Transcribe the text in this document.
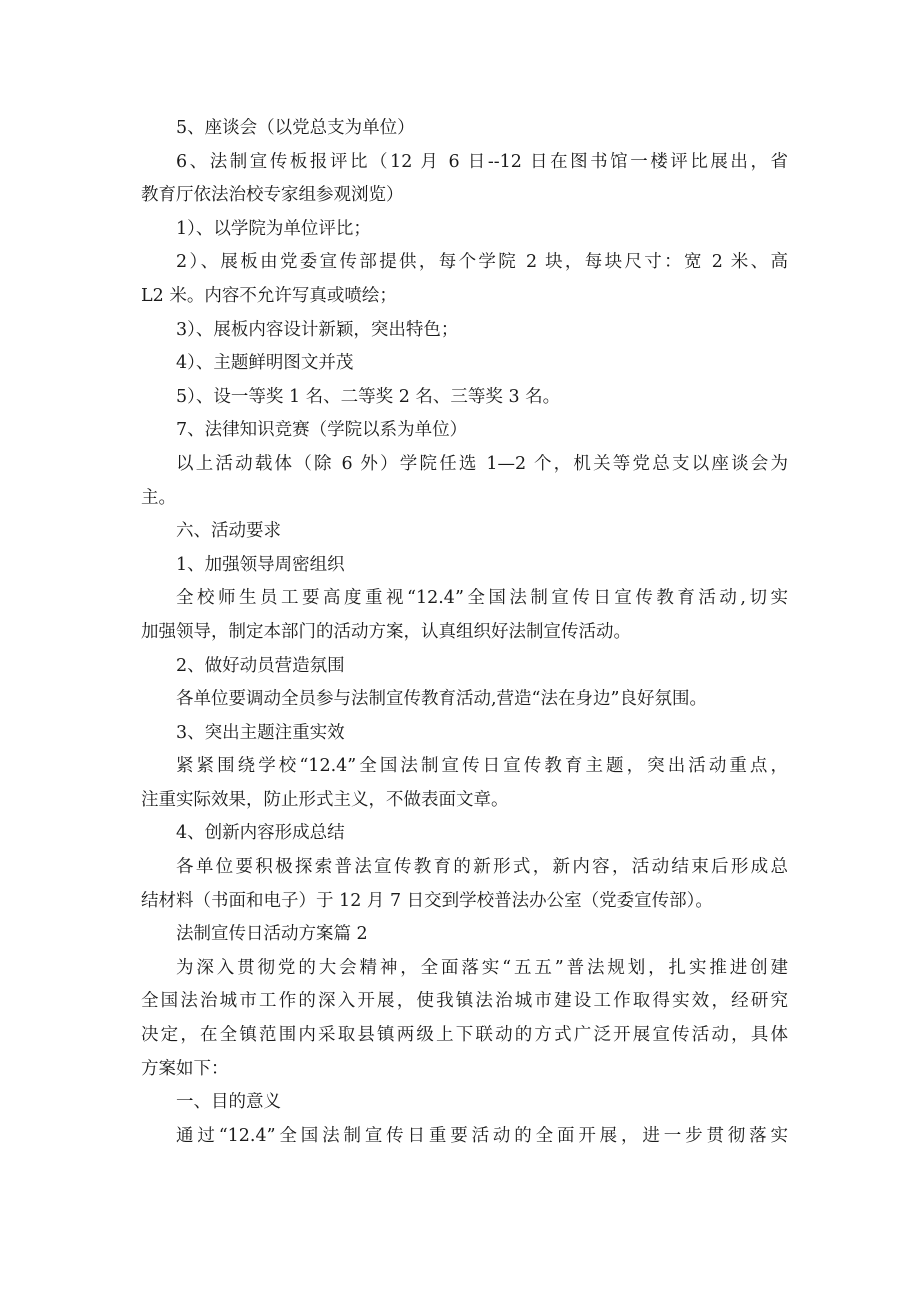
5、座谈会（以党总支为单位）
6、法制宣传板报评比（12 月 6 日--12 日在图书馆一楼评比展出，省
教育厅依法治校专家组参观浏览）
1）、以学院为单位评比；
2）、展板由党委宣传部提供，每个学院 2 块，每块尺寸：宽 2 米、高
L2 米。内容不允许写真或喷绘；
3）、展板内容设计新颖，突出特色；
4）、主题鲜明图文并茂
5）、设一等奖 1 名、二等奖 2 名、三等奖 3 名。
7、法律知识竞赛（学院以系为单位）
以上活动载体（除 6 外）学院任选 1—2 个，机关等党总支以座谈会为
主。
六、活动要求
1、加强领导周密组织
全校师生员工要高度重视“12.4”全国法制宣传日宣传教育活动,切实
加强领导，制定本部门的活动方案，认真组织好法制宣传活动。
2、做好动员营造氛围
各单位要调动全员参与法制宣传教育活动,营造“法在身边”良好氛围。
3、突出主题注重实效
紧紧围绕学校“12.4”全国法制宣传日宣传教育主题，突出活动重点，
注重实际效果，防止形式主义，不做表面文章。
4、创新内容形成总结
各单位要积极探索普法宣传教育的新形式，新内容，活动结束后形成总
结材料（书面和电子）于 12 月 7 日交到学校普法办公室（党委宣传部）。
法制宣传日活动方案篇 2
为深入贯彻党的大会精神，全面落实“五五”普法规划，扎实推进创建
全国法治城市工作的深入开展，使我镇法治城市建设工作取得实效，经研究
决定，在全镇范围内采取县镇两级上下联动的方式广泛开展宣传活动，具体
方案如下：
一、目的意义
通过“12.4”全国法制宣传日重要活动的全面开展，进一步贯彻落实
